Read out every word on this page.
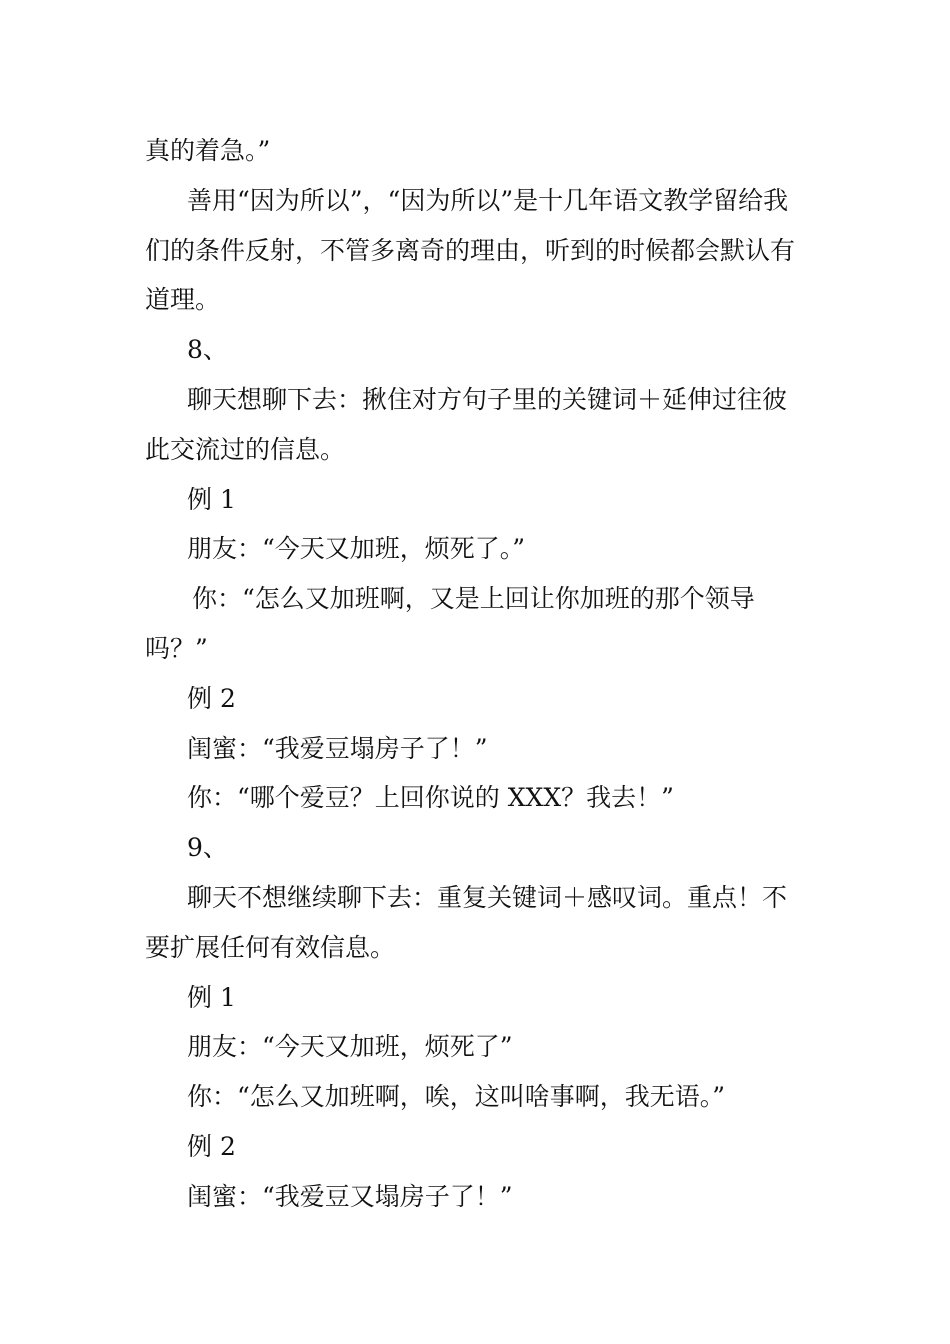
真的着急。”

善用“因为所以”，“因为所以”是十几年语文教学留给我们的条件反射，不管多离奇的理由，听到的时候都会默认有道理。

8、

聊天想聊下去：揪住对方句子里的关键词＋延伸过往彼此交流过的信息。

例 1

朋友：“今天又加班，烦死了。”

你：“怎么又加班啊，又是上回让你加班的那个领导吗？”

例 2

闺蜜：“我爱豆塌房子了！”

你：“哪个爱豆？上回你说的 XXX？我去！”

9、

聊天不想继续聊下去：重复关键词＋感叹词。重点！不要扩展任何有效信息。

例 1

朋友：“今天又加班，烦死了”

你：“怎么又加班啊，唉，这叫啥事啊，我无语。”

例 2

闺蜜：“我爱豆又塌房子了！”
